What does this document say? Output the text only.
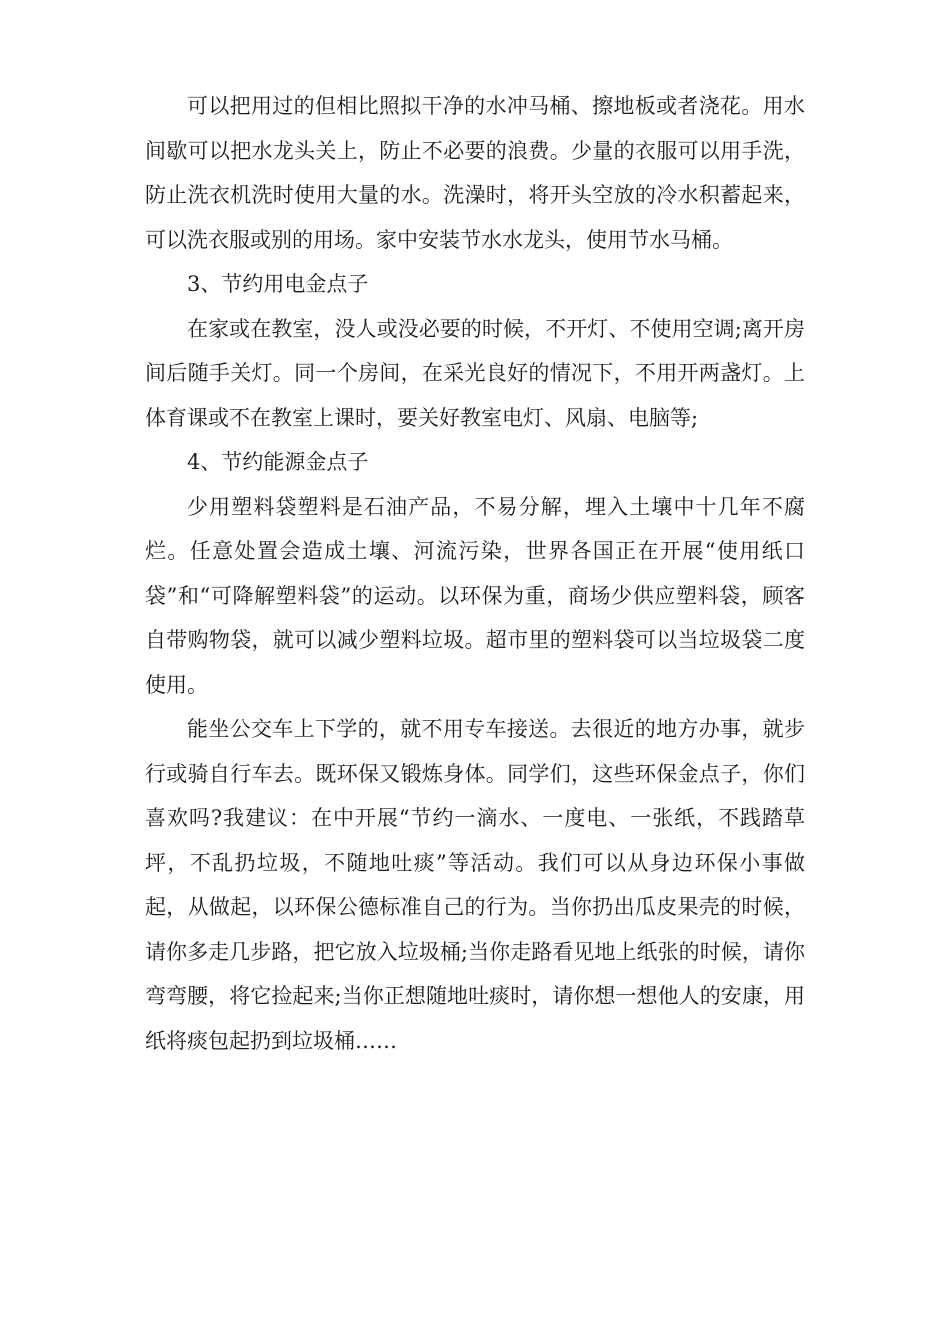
可以把用过的但相比照拟干净的水冲马桶、擦地板或者浇花。用水间歇可以把水龙头关上，防止不必要的浪费。少量的衣服可以用手洗，防止洗衣机洗时使用大量的水。洗澡时，将开头空放的冷水积蓄起来，可以洗衣服或别的用场。家中安装节水水龙头，使用节水马桶。

3、节约用电金点子

在家或在教室，没人或没必要的时候，不开灯、不使用空调;离开房间后随手关灯。同一个房间，在采光良好的情况下，不用开两盏灯。上体育课或不在教室上课时，要关好教室电灯、风扇、电脑等;

4、节约能源金点子

少用塑料袋塑料是石油产品，不易分解，埋入土壤中十几年不腐烂。任意处置会造成土壤、河流污染，世界各国正在开展“使用纸口袋”和“可降解塑料袋”的运动。以环保为重，商场少供应塑料袋，顾客自带购物袋，就可以减少塑料垃圾。超市里的塑料袋可以当垃圾袋二度使用。

能坐公交车上下学的，就不用专车接送。去很近的地方办事，就步行或骑自行车去。既环保又锻炼身体。同学们，这些环保金点子，你们喜欢吗?我建议：在中开展“节约一滴水、一度电、一张纸，不践踏草坪，不乱扔垃圾，不随地吐痰”等活动。我们可以从身边环保小事做起，从做起，以环保公德标准自己的行为。当你扔出瓜皮果壳的时候，请你多走几步路，把它放入垃圾桶;当你走路看见地上纸张的时候，请你弯弯腰，将它捡起来;当你正想随地吐痰时，请你想一想他人的安康，用纸将痰包起扔到垃圾桶……
